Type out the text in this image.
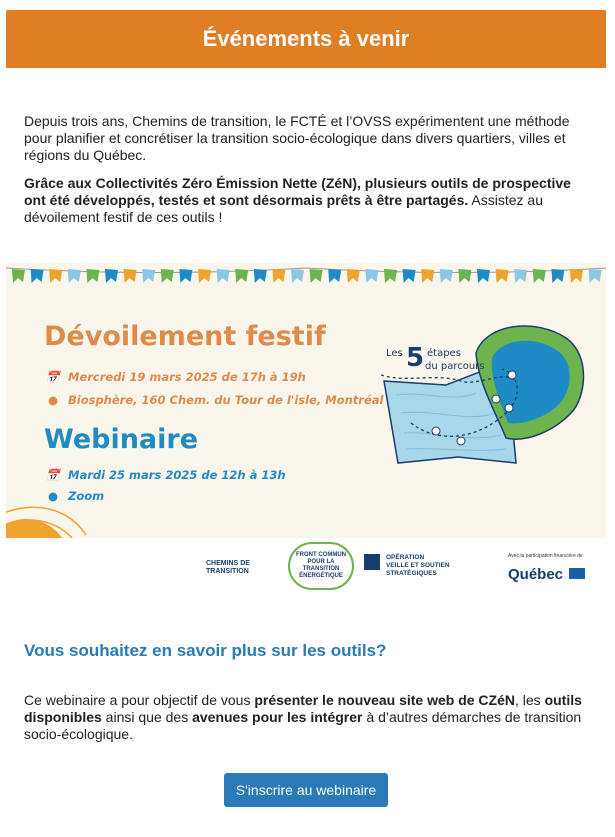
Événements à venir

Depuis trois ans, Chemins de transition, le FCTÉ et l’OVSS expérimentent une méthode pour planifier et concrétiser la transition socio-écologique dans divers quartiers, villes et régions du Québec.

Grâce aux Collectivités Zéro Émission Nette (ZéN), plusieurs outils de prospective ont été développés, testés et sont désormais prêts à être partagés. Assistez au dévoilement festif de ces outils !

Les 5 étapes
du parcours
Dévoilement festif
📅 Mercredi 19 mars 2025 de 17h à 19h
● Biosphère, 160 Chem. du Tour de l'isle, Montréal
Webinaire
📅 Mardi 25 mars 2025 de 12h à 13h
● Zoom
CHEMINS DE
TRANSITION
FRONT COMMUN
POUR LA
TRANSITION
ÉNERGÉTIQUE
OPÉRATION
VEILLE ET SOUTIEN
STRATÉGIQUES
Avec la participation financière de
Québec
Vous souhaitez en savoir plus sur les outils?
Ce webinaire a pour objectif de vous présenter le nouveau site web de CZéN, les outils disponibles ainsi que des avenues pour les intégrer à d’autres démarches de transition socio-écologique.
S'inscrire au webinaire
